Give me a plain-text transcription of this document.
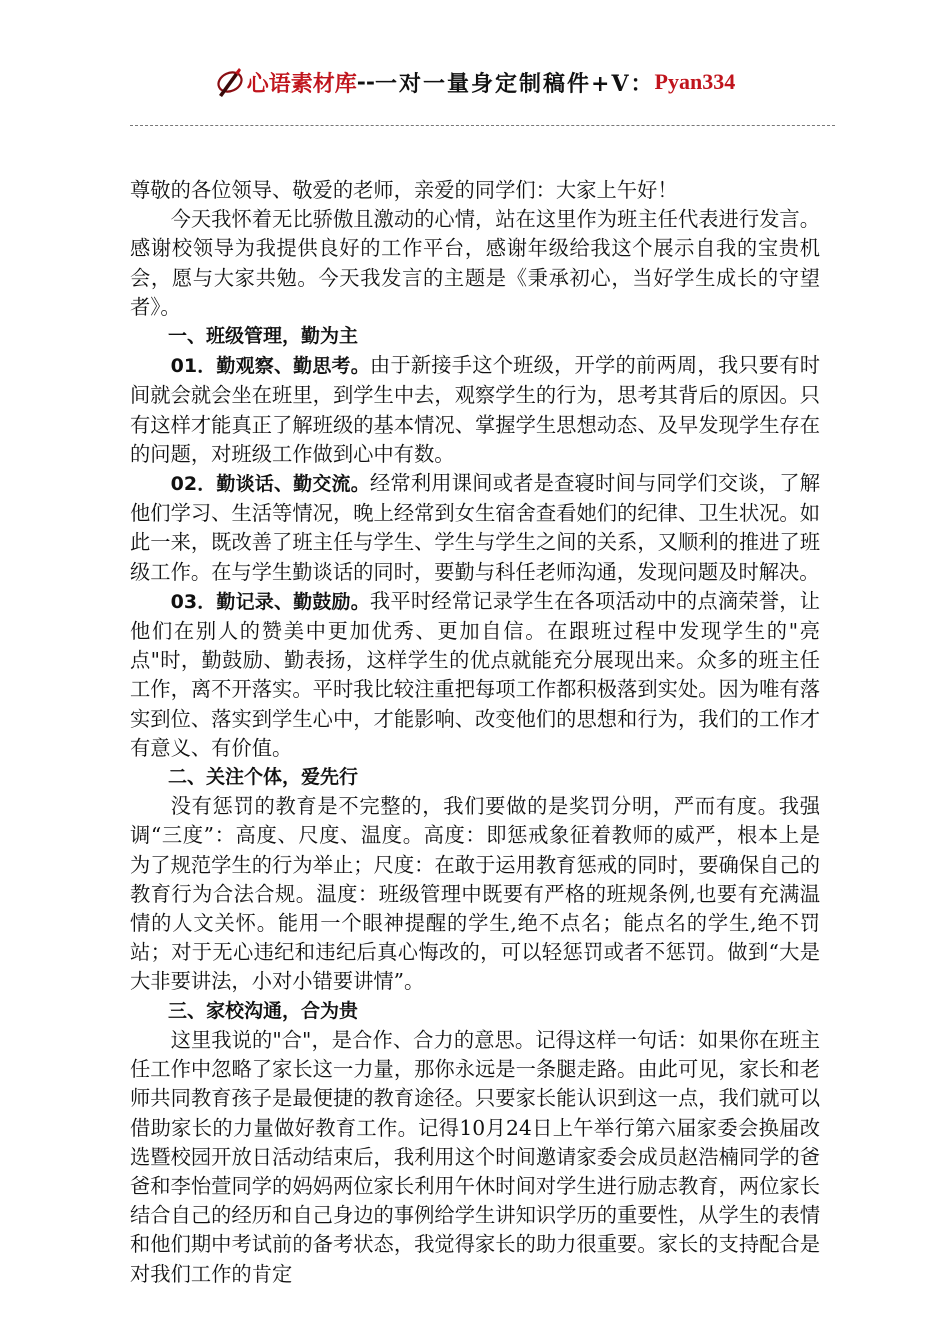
心语素材库 -- 一对一量身定制稿件+V： Pyan334

尊敬的各位领导、敬爱的老师，亲爱的同学们：大家上午好！

今天我怀着无比骄傲且激动的心情，站在这里作为班主任代表进行发言。感谢校领导为我提供良好的工作平台，感谢年级给我这个展示自我的宝贵机会，愿与大家共勉。今天我发言的主题是《秉承初心，当好学生成长的守望者》。

一、班级管理，勤为主

01．勤观察、勤思考。由于新接手这个班级，开学的前两周，我只要有时间就会就会坐在班里，到学生中去，观察学生的行为，思考其背后的原因。只有这样才能真正了解班级的基本情况、掌握学生思想动态、及早发现学生存在的问题，对班级工作做到心中有数。

02．勤谈话、勤交流。经常利用课间或者是查寝时间与同学们交谈，了解他们学习、生活等情况，晚上经常到女生宿舍查看她们的纪律、卫生状况。如此一来，既改善了班主任与学生、学生与学生之间的关系，又顺利的推进了班级工作。在与学生勤谈话的同时，要勤与科任老师沟通，发现问题及时解决。

03．勤记录、勤鼓励。我平时经常记录学生在各项活动中的点滴荣誉，让他们在别人的赞美中更加优秀、更加自信。在跟班过程中发现学生的"亮点"时，勤鼓励、勤表扬，这样学生的优点就能充分展现出来。众多的班主任工作，离不开落实。平时我比较注重把每项工作都积极落到实处。因为唯有落实到位、落实到学生心中，才能影响、改变他们的思想和行为，我们的工作才有意义、有价值。

二、关注个体，爱先行

没有惩罚的教育是不完整的，我们要做的是奖罚分明，严而有度。我强调“三度”：高度、尺度、温度。高度：即惩戒象征着教师的威严，根本上是为了规范学生的行为举止；尺度：在敢于运用教育惩戒的同时，要确保自己的教育行为合法合规。温度：班级管理中既要有严格的班规条例,也要有充满温情的人文关怀。能用一个眼神提醒的学生,绝不点名；能点名的学生,绝不罚站；对于无心违纪和违纪后真心悔改的，可以轻惩罚或者不惩罚。做到“大是大非要讲法，小对小错要讲情”。

三、家校沟通，合为贵

这里我说的"合"，是合作、合力的意思。记得这样一句话：如果你在班主任工作中忽略了家长这一力量，那你永远是一条腿走路。由此可见，家长和老师共同教育孩子是最便捷的教育途径。只要家长能认识到这一点，我们就可以借助家长的力量做好教育工作。记得10月24日上午举行第六届家委会换届改选暨校园开放日活动结束后，我利用这个时间邀请家委会成员赵浩楠同学的爸爸和李怡萱同学的妈妈两位家长利用午休时间对学生进行励志教育，两位家长结合自己的经历和自己身边的事例给学生讲知识学历的重要性，从学生的表情和他们期中考试前的备考状态，我觉得家长的助力很重要。家长的支持配合是对我们工作的肯定
